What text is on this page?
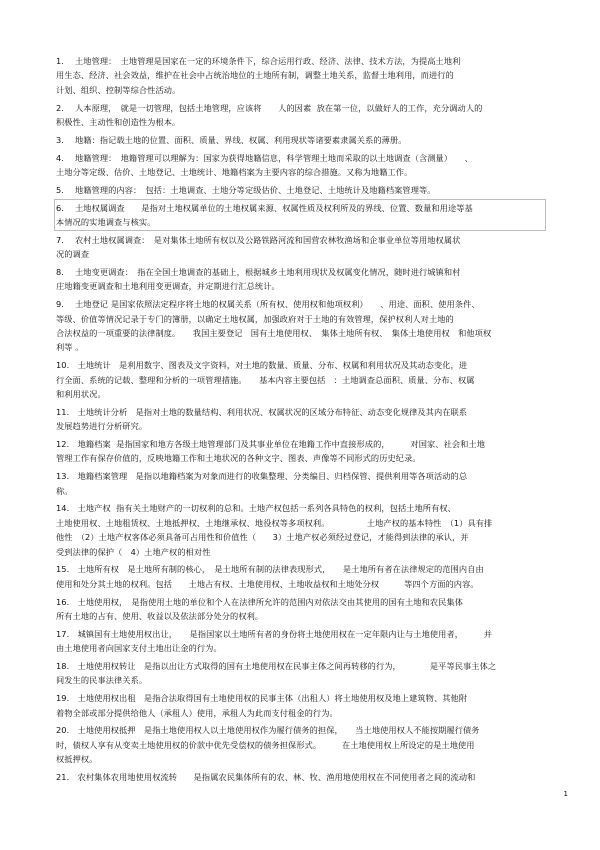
1.　 土地管理：　土地管理是国家在一定的环境条件下，综合运用行政、经济、法律、技术方法，为提高土地利
用生态、经济、社会效益，维护在社会中占统治地位的土地所有制，调整土地关系，监督土地利用，而进行的
计划、组织、控制等综合性活动。
2.　 人本原理，　就是一切管理，包括土地管理，应该将　　人的因素  放在第一位，以做好人的工作，充分调动人的
积极性、主动性和创造性为根本。
3.　 地籍：指记载土地的位置、面积、质量、界线、权属、利用现状等诸要素隶属关系的薄册。
4.　 地籍管理：　地籍管理可以理解为：国家为获得地籍信息，科学管理土地而采取的以土地调查（含测量）　　、
土地分等定级、估价、土地登记、土地统计、地籍档案为主要内容的综合措施。又称为地籍工作。
5.　 地籍管理的内容：　包括：土地调查、土地分等定级估价、土地登记、土地统计及地籍档案管理等。
6.　 土地权属调查　　是指对土地权属单位的土地权属来源、权属性质及权利所及的界线、位置、数量和用途等基
本情况的实地调查与核实。
7.　 农村土地权属调查：　是对集体土地所有权以及公路铁路河流和国营农林牧渔场和企事业单位等用地权属状
况的调查
8.　 土地变更调查：　指在全国土地调查的基础上，根据城乡土地利用现状及权属变化情况，随时进行城镇和村
庄地籍变更调查和土地利用变更调查，并定期进行汇总统计。
9.　 土地登记 是国家依照法定程序将土地的权属关系（所有权、使用权和他项权利）　　、用途、面积、使用条件、
等级、价值等情况记录于专门的簿册，以确定土地权属，加强政府对于土地的有效管理，保护权利人对土地的
合法权益的一项重要的法律制度。　　我国主要登记　国有土地使用权、　集体土地所有权、　集体土地使用权　和他项权
利等 。
10.　土地统计　是利用数字、图表及文字资料，对土地的数量、质量、分布、权属和利用状况及其动态变化，进
行全面、系统的记载、整理和分析的一项管理措施。　　基本内容主要包括　：土地调查总面积、质量、分布、权属
和利用状况。
11.　土地统计分析　是指对土地的数量结构、利用状况、权属状况的区域分布特征、动态变化规律及其内在联系
发展趋势进行分析研究。
12.　地籍档案  是指国家和地方各级土地管理部门及其事业单位在地籍工作中直接形成的，　　　对国家、社会和土地
管理工作有保存价值的，反映地籍工作和土地状况的各种文字、图表、声像等不同形式的历史纪录。
13.　地籍档案管理　是指以地籍档案为对象而进行的收集整理、分类编目、归档保管、提供利用等各项活动的总
称。
14.　土地产权  指有关土地财产的一切权利的总和。土地产权包括一系列各具特色的权利，包括土地所有权、
土地使用权、土地租赁权、土地抵押权、土地继承权、地役权等多项权利。　　　　　土地产权的基本特性　（1）具有排
他性　（2）土地产权客体必须具备可占用性和价值性（　　3）土地产权必须经过登记，才能得到法律的承认，并
受到法律的保护（　4）土地产权的相对性
15.　土地所有权　是土地所有制的核心，　是土地所有制的法律表现形式，　　是土地所有者在法律规定的范围内自由
使用和处分其土地的权利。包括　　土地占有权、土地使用权、土地收益权和土地处分权　　　等四个方面的内容。
16.　土地使用权，　是指使用土地的单位和个人在法律所允许的范围内对依法交由其使用的国有土地和农民集体
所有土地的占有、使用、收益以及依法部分处分的权利。
17.　城镇国有土地使用权出让，　　是指国家以土地所有者的身份将土地使用权在一定年限内让与土地使用者，　　　并
由土地使用者向国家支付土地出让金的行为。
18.　土地使用权转让　是指以出让方式取得的国有土地使用权在民事主体之间再转移的行为，　　　　是平等民事主体之
间发生的民事法律关系。
19.　土地使用权出租　是指合法取得国有土地使用权的民事主体（出租人）将土地使用权及地上建筑物、其他附
着物全部或部分提供给他人（承租人）使用，承租人为此而支付租金的行为。
20.　土地使用权抵押　是指土地使用权人以土地使用权作为履行债务的担保，　　当土地使用权人不能按期履行债务
时，债权人享有从变卖土地使用权的价款中优先受偿权的债务担保形式。　　　在土地使用权上所设定的是土地使用
权抵押权。
21.　农村集体农用地使用权流转　　是指属农民集体所有的农、林、牧、渔用地使用权在不同使用者之间的流动和
1
